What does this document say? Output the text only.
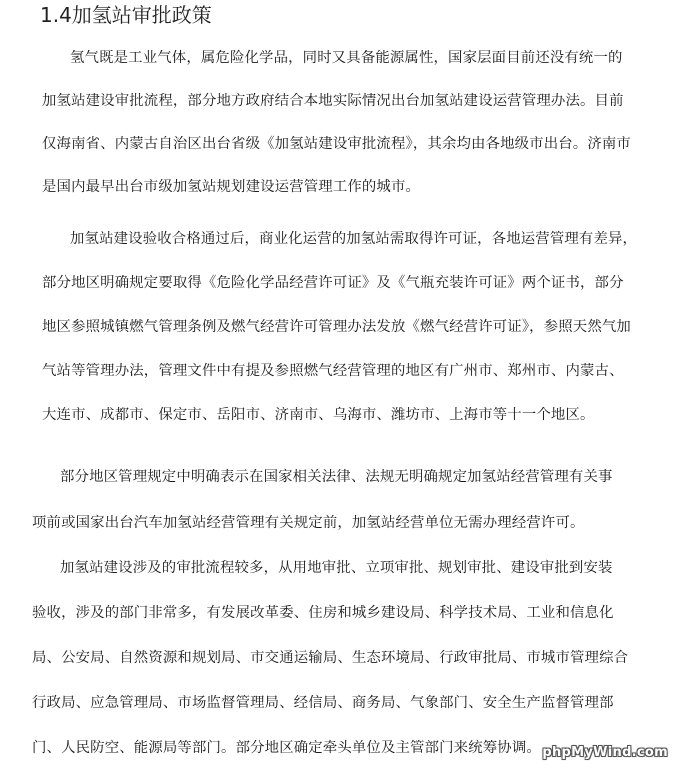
1.4加氢站审批政策
氢气既是工业气体，属危险化学品，同时又具备能源属性，国家层面目前还没有统一的
加氢站建设审批流程，部分地方政府结合本地实际情况出台加氢站建设运营管理办法。目前
仅海南省、内蒙古自治区出台省级《加氢站建设审批流程》，其余均由各地级市出台。济南市
是国内最早出台市级加氢站规划建设运营管理工作的城市。
加氢站建设验收合格通过后，商业化运营的加氢站需取得许可证，各地运营管理有差异，
部分地区明确规定要取得《危险化学品经营许可证》及《气瓶充装许可证》两个证书，部分
地区参照城镇燃气管理条例及燃气经营许可管理办法发放《燃气经营许可证》，参照天然气加
气站等管理办法，管理文件中有提及参照燃气经营管理的地区有广州市、郑州市、内蒙古、
大连市、成都市、保定市、岳阳市、济南市、乌海市、潍坊市、上海市等十一个地区。
部分地区管理规定中明确表示在国家相关法律、法规无明确规定加氢站经营管理有关事
项前或国家出台汽车加氢站经营管理有关规定前，加氢站经营单位无需办理经营许可。
加氢站建设涉及的审批流程较多，从用地审批、立项审批、规划审批、建设审批到安装
验收，涉及的部门非常多，有发展改革委、住房和城乡建设局、科学技术局、工业和信息化
局、公安局、自然资源和规划局、市交通运输局、生态环境局、行政审批局、市城市管理综合
行政局、应急管理局、市场监督管理局、经信局、商务局、气象部门、安全生产监督管理部
门、人民防空、能源局等部门。部分地区确定牵头单位及主管部门来统筹协调。 phpMyWind.com
